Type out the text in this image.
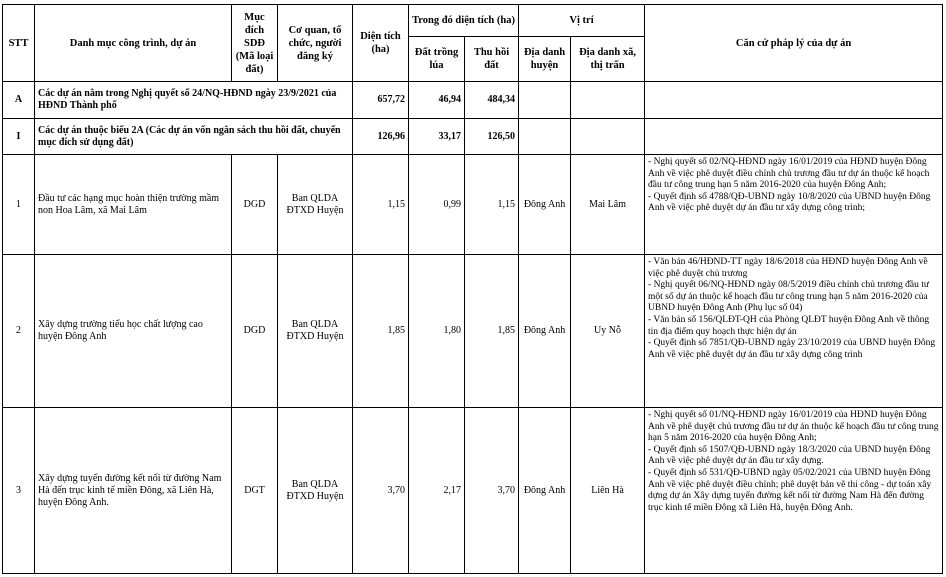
STT	Danh mục công trình, dự án	Mục đích SDĐ (Mã loại đất)	Cơ quan, tổ chức, người đăng ký	Diện tích (ha)	Trong đó diện tích (ha)		Vị trí		Căn cứ pháp lý của dự án
					Đất trồng lúa	Thu hồi đất	Địa danh huyện	Địa danh xã, thị trấn	
A	Các dự án nằm trong Nghị quyết số 24/NQ-HĐND ngày 23/9/2021 của HĐND Thành phố			657,72	46,94	484,34			
I	Các dự án thuộc biểu 2A (Các dự án vốn ngân sách thu hồi đất, chuyển mục đích sử dụng đất)			126,96	33,17	126,50			
1	Đầu tư các hạng mục hoàn thiện trường mầm non Hoa Lâm, xã Mai Lâm	DGD	Ban QLDA ĐTXD Huyện	1,15	0,99	1,15	Đông Anh	Mai Lâm	- Nghị quyết số 02/NQ-HĐND ngày 16/01/2019 của HĐND huyện Đông Anh về việc phê duyệt điều chỉnh chủ trương đầu tư dự án thuộc kế hoạch đầu tư công trung hạn 5 năm 2016-2020 của huyện Đông Anh;
- Quyết định số 4788/QĐ-UBND ngày 10/8/2020 của UBND huyện Đông Anh về việc phê duyệt dự án đầu tư xây dựng công trình;

2	Xây dựng trường tiểu học chất lượng cao huyện Đông Anh	DGD	Ban QLDA ĐTXD Huyện	1,85	1,80	1,85	Đông Anh	Uy Nỗ	- Văn bản 46/HĐND-TT ngày 18/6/2018 của HĐND huyện Đông Anh về việc phê duyệt chủ trương
- Nghị quyết 06/NQ-HĐND ngày 08/5/2019 điều chỉnh chủ trương đầu tư một số dự án thuộc kế hoạch đầu tư công trung hạn 5 năm 2016-2020 của UBND huyện Đông Anh (Phụ lục số 04)
- Văn bản số 156/QLĐT-QH của Phòng QLĐT huyện Đông Anh về thông tin địa điểm quy hoạch thực hiện dự án
- Quyết định số 7851/QĐ-UBND ngày 23/10/2019 của UBND huyện Đông Anh về việc phê duyệt dự án đầu tư xây dựng công trình

3	Xây dựng tuyến đường kết nối từ đường Nam Hà đến trục kinh tế miền Đông, xã Liên Hà, huyện Đông Anh.	DGT	Ban QLDA ĐTXD Huyện	3,70	2,17	3,70	Đông Anh	Liên Hà	- Nghị quyết số 01/NQ-HĐND ngày 16/01/2019 của HĐND huyện Đông Anh về phê duyệt chủ trương đầu tư dự án thuộc kế hoạch đầu tư công trung hạn 5 năm 2016-2020 của huyện Đông Anh;
- Quyết định số 1507/QĐ-UBND ngày 18/3/2020 của UBND huyện Đông Anh về việc phê duyệt dự án đầu tư xây dựng.
- Quyết định số 531/QĐ-UBND ngày 05/02/2021 của UBND huyện Đông Anh về việc phê duyệt điều chỉnh; phê duyệt bản vẽ thi công - dự toán xây dựng dự án Xây dựng tuyến đường kết nối từ đường Nam Hà đến đường trục kinh tế miền Đông xã Liên Hà, huyện Đông Anh.
